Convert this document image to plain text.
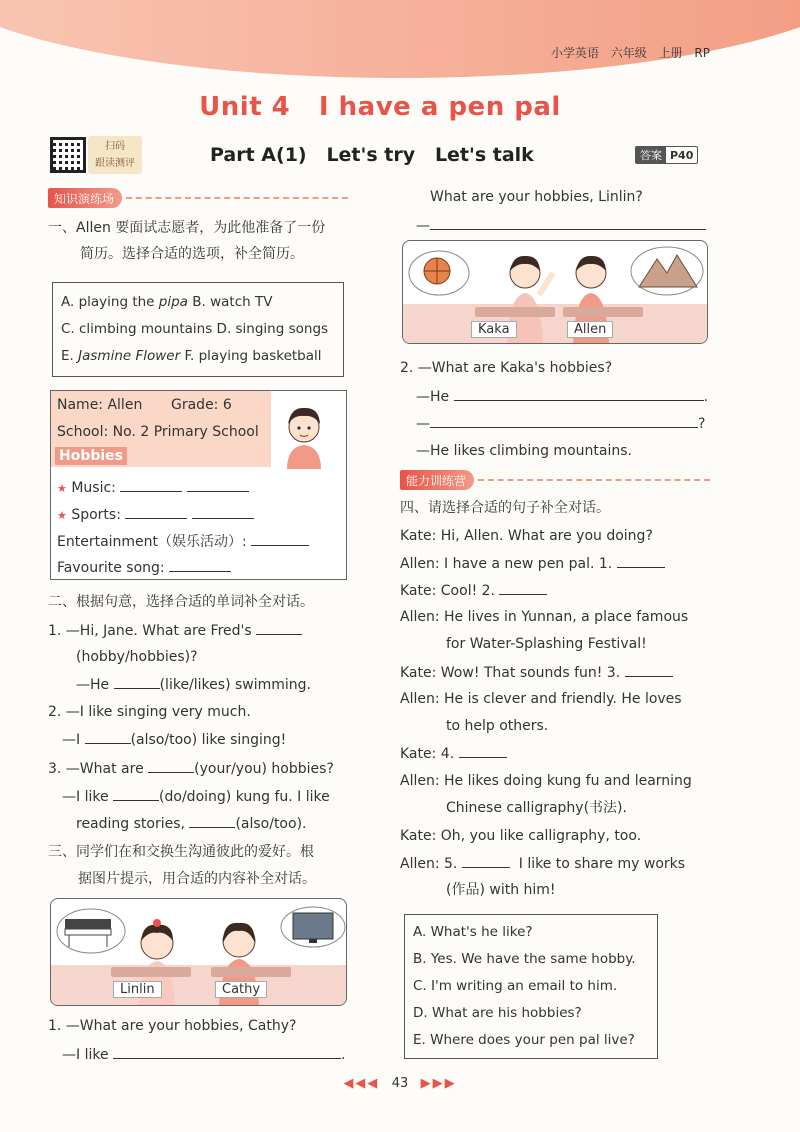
小学英语 六年级 上册 RP
Unit 4   I have a pen pal
扫码
跟读测评	Part A(1)   Let's try   Let's talk	答案 P40
知识演练场
一、Allen 要面试志愿者，为此他准备了一份
简历。选择合适的选项，补全简历。
A. playing the pipa B. watch TV
C. climbing mountains D. singing songs
E. Jasmine Flower F. playing basketball
Name: Allen Grade: 6
School: No. 2 Primary School
Hobbies
★ Music:
★ Sports:
Entertainment（娱乐活动）:
Favourite song:
二、根据句意，选择合适的单词补全对话。
1. —Hi, Jane. What are Fred's
(hobby/hobbies)?
—He	(like/likes) swimming.
2. —I like singing very much.
—I	(also/too) like singing!
3. —What are	(your/you) hobbies?
—I like	(do/doing) kung fu. I like
reading stories,	(also/too).
三、同学们在和交换生沟通彼此的爱好。根
据图片提示，用合适的内容补全对话。
Linlin	Cathy
1. —What are your hobbies, Cathy?
—I like	.
What are your hobbies, Linlin?
—
Kaka	Allen
2. —What are Kaka's hobbies?
—He	.
—	?
—He likes climbing mountains.
能力训练营
四、请选择合适的句子补全对话。
Kate: Hi, Allen. What are you doing?
Allen: I have a new pen pal. 1.
Kate: Cool! 2.
Allen: He lives in Yunnan, a place famous
for Water-Splashing Festival!
Kate: Wow! That sounds fun! 3.
Allen: He is clever and friendly. He loves
to help others.
Kate: 4.
Allen: He likes doing kung fu and learning
Chinese calligraphy(书法).
Kate: Oh, you like calligraphy, too.
Allen: 5.	I like to share my works
(作品) with him!
A. What's he like?
B. Yes. We have the same hobby.
C. I'm writing an email to him.
D. What are his hobbies?
E. Where does your pen pal live?
◀◀◀ 43 ▶▶▶
